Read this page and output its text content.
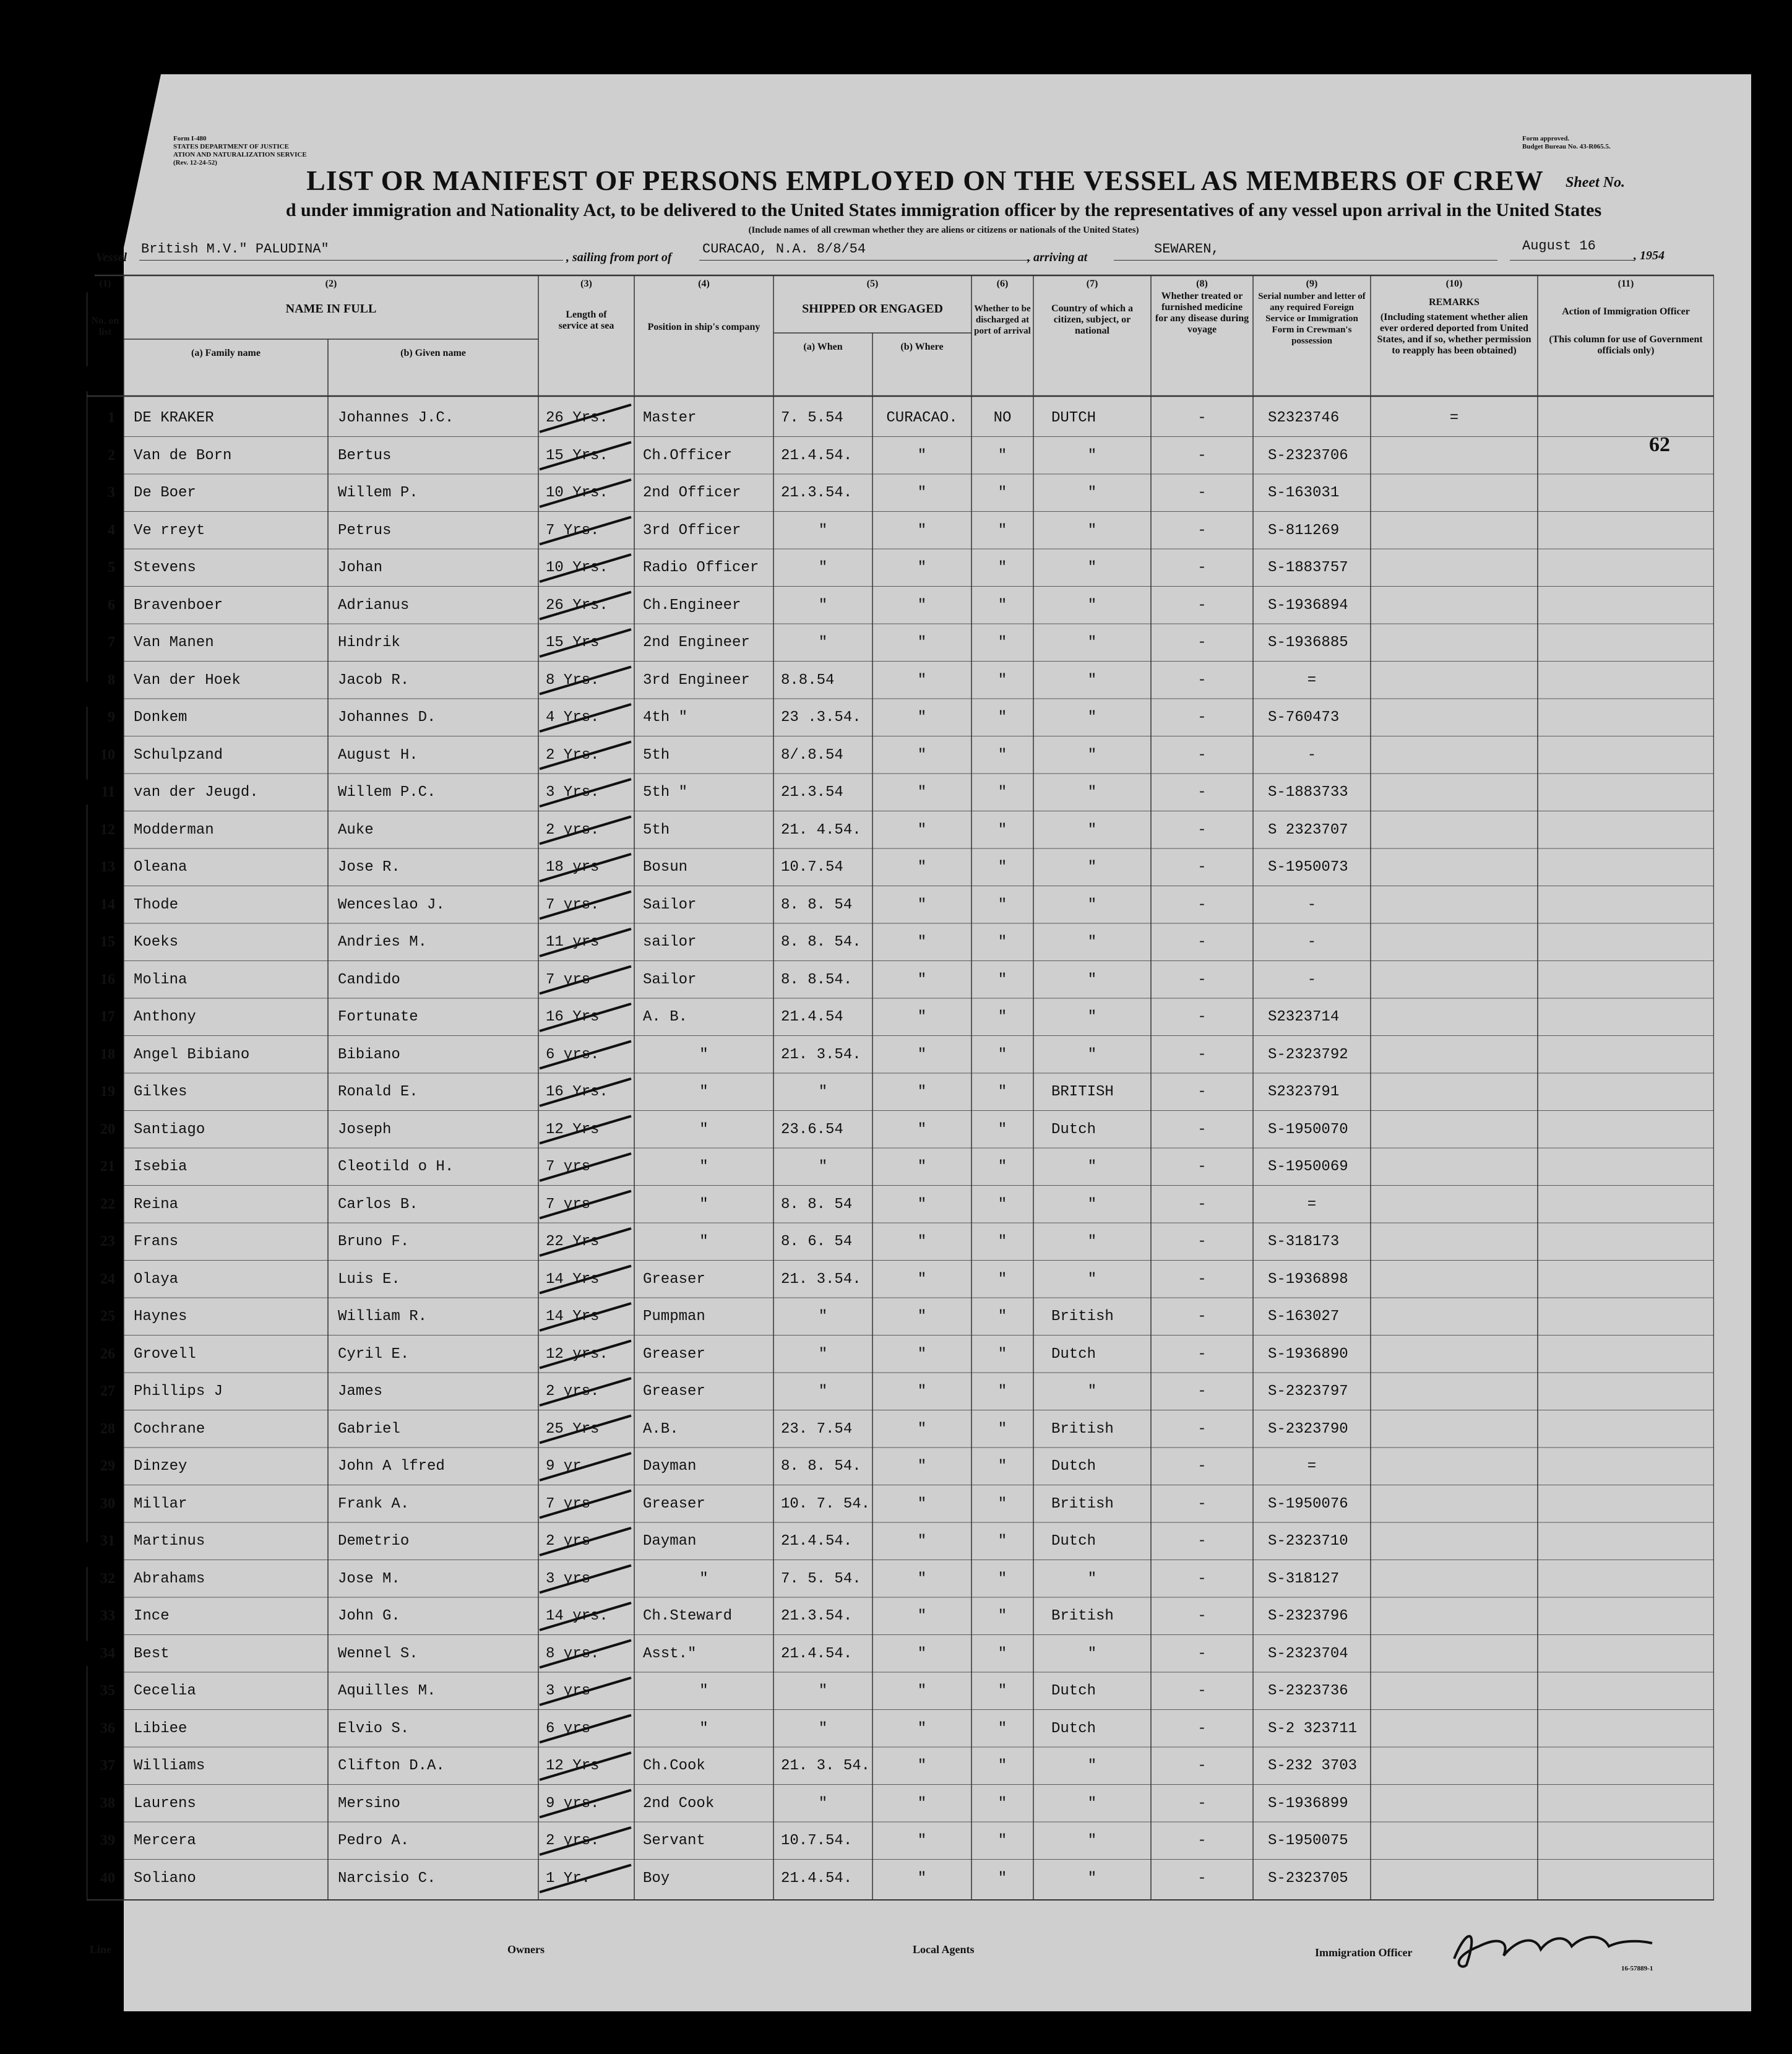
Form I-480
STATES DEPARTMENT OF JUSTICE
ATION AND NATURALIZATION SERVICE
(Rev. 12-24-52)
Form approved.
Budget Bureau No. 43-R065.5.
LIST OR MANIFEST OF PERSONS EMPLOYED ON THE VESSEL AS MEMBERS OF CREW	Sheet No.
d under immigration and Nationality Act, to be delivered to the United States immigration officer by the representatives of any vessel upon arrival in the United States
(Include names of all crewman whether they are aliens or citizens or nationals of the United States)
Vessel
British M.V." PALUDINA"
, sailing from port of
CURACAO, N.A. 8/8/54
, arriving at
SEWAREN,	August 16
, 1954
(1)
No. on list
(2)
NAME IN FULL
(a) Family name	(b) Given name
(3)
Length of service at sea
(4)
Position in ship's company
(5)
SHIPPED OR ENGAGED
(a) When	(b) Where
(6)
Whether to be discharged at port of arrival
(7)
Country of which a citizen, subject, or national
(8)
Whether treated or furnished medicine for any disease during voyage
(9)
Serial number and letter of any required Foreign Service or Immigration Form in Crewman's possession
(10)
REMARKS
(Including statement whether alien ever ordered deported from United States, and if so, whether permission to reapply has been obtained)
(11)
Action of Immigration Officer
(This column for use of Government officials only)
1	DE KRAKER	Johannes J.C.	26 Yrs.	Master	7. 5.54	CURACAO.	NO	DUTCH	-	S2323746	=
2	Van de Born	Bertus	15 Yrs.	Ch.Officer	21.4.54.	"	"	"	-	S-2323706
3	De Boer	Willem P.	10 Yrs.	2nd Officer	21.3.54.	"	"	"	-	S-163031
4	Ve rreyt	Petrus	7 Yrs.	3rd Officer	"	"	"	"	-	S-811269
5	Stevens	Johan	10 Yrs.	Radio Officer	"	"	"	"	-	S-1883757
6	Bravenboer	Adrianus	26 Yrs.	Ch.Engineer	"	"	"	"	-	S-1936894
7	Van Manen	Hindrik	15 Yrs	2nd Engineer	"	"	"	"	-	S-1936885
8	Van der Hoek	Jacob R.	8 Yrs.	3rd Engineer	8.8.54	"	"	"	-	=
9	Donkem	Johannes D.	4 Yrs.	4th "	23 .3.54.	"	"	"	-	S-760473
10	Schulpzand	August H.	2 Yrs.	5th	8/.8.54	"	"	"	-	-
11	van der Jeugd.	Willem P.C.	3 Yrs.	5th "	21.3.54	"	"	"	-	S-1883733
12	Modderman	Auke	2 yrs.	5th	21. 4.54.	"	"	"	-	S 2323707
13	Oleana	Jose R.	18 yrs	Bosun	10.7.54	"	"	"	-	S-1950073
14	Thode	Wenceslao J.	7 yrs.	Sailor	8. 8. 54	"	"	"	-	-
15	Koeks	Andries M.	11 yrs	sailor	8. 8. 54.	"	"	"	-	-
16	Molina	Candido	7 yrs	Sailor	8. 8.54.	"	"	"	-	-
17	Anthony	Fortunate	16 Yrs	A. B.	21.4.54	"	"	"	-	S2323714
18	Angel Bibiano	Bibiano	6 yrs.	"	21. 3.54.	"	"	"	-	S-2323792
19	Gilkes	Ronald E.	16 Yrs.	"	"	"	"	BRITISH	-	S2323791
20	Santiago	Joseph	12 Yrs	"	23.6.54	"	"	Dutch	-	S-1950070
21	Isebia	Cleotild o H.	7 yrs	"	"	"	"	"	-	S-1950069
22	Reina	Carlos B.	7 yrs	"	8. 8. 54	"	"	"	-	=
23	Frans	Bruno F.	22 Yrs	"	8. 6. 54	"	"	"	-	S-318173
24	Olaya	Luis E.	14 Yrs	Greaser	21. 3.54.	"	"	"	-	S-1936898
25	Haynes	William R.	14 Yrs	Pumpman	"	"	"	British	-	S-163027
26	Grovell	Cyril E.	12 yrs.	Greaser	"	"	"	Dutch	-	S-1936890
27	Phillips J	James	2 yrs.	Greaser	"	"	"	"	-	S-2323797
28	Cochrane	Gabriel	25 Yrs	A.B.	23. 7.54	"	"	British	-	S-2323790
29	Dinzey	John A lfred	9 yr	Dayman	8. 8. 54.	"	"	Dutch	-	=
30	Millar	Frank A.	7 yrs	Greaser	10. 7. 54.	"	"	British	-	S-1950076
31	Martinus	Demetrio	2 yrs	Dayman	21.4.54.	"	"	Dutch	-	S-2323710
32	Abrahams	Jose M.	3 yrs	"	7. 5. 54.	"	"	"	-	S-318127
33	Ince	John G.	14 yrs.	Ch.Steward	21.3.54.	"	"	British	-	S-2323796
34	Best	Wennel S.	8 yrs.	Asst."	21.4.54.	"	"	"	-	S-2323704
35	Cecelia	Aquilles M.	3 yrs	"	"	"	"	Dutch	-	S-2323736
36	Libiee	Elvio S.	6 yrs	"	"	"	"	Dutch	-	S-2 323711
37	Williams	Clifton D.A.	12 Yrs	Ch.Cook	21. 3. 54.	"	"	"	-	S-232 3703
38	Laurens	Mersino	9 yrs.	2nd Cook	"	"	"	"	-	S-1936899
39	Mercera	Pedro A.	2 yrs.	Servant	10.7.54.	"	"	"	-	S-1950075
40	Soliano	Narcisio C.	1 Yr.	Boy	21.4.54.	"	"	"	-	S-2323705
62
Line	Owners	Local Agents	Immigration Officer
16-57889-1
